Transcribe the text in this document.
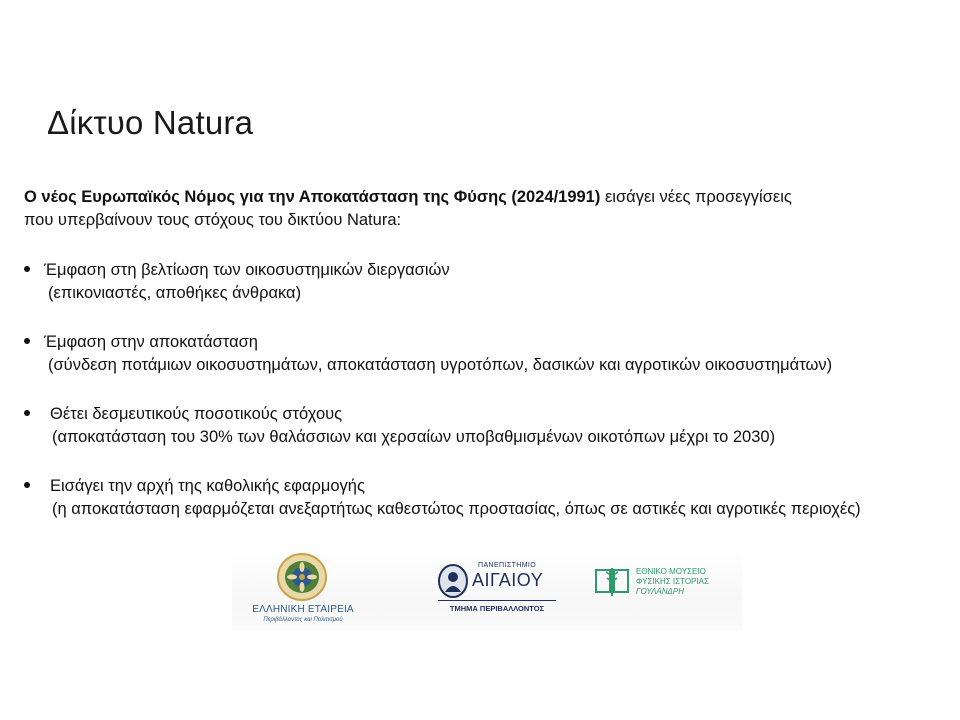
Δίκτυο Natura
Ο νέος Ευρωπαϊκός Νόμος για την Αποκατάσταση της Φύσης (2024/1991) εισάγει νέες προσεγγίσεις
που υπερβαίνουν τους στόχους του δικτύου Natura:
Έμφαση στη βελτίωση των οικοσυστημικών διεργασιών
(επικονιαστές, αποθήκες άνθρακα)
Έμφαση στην αποκατάσταση
(σύνδεση ποτάμιων οικοσυστημάτων, αποκατάσταση υγροτόπων, δασικών και αγροτικών οικοσυστημάτων)
Θέτει δεσμευτικούς ποσοτικούς στόχους
(αποκατάσταση του 30% των θαλάσσιων και χερσαίων υποβαθμισμένων οικοτόπων μέχρι το 2030)
Εισάγει την αρχή της καθολικής εφαρμογής
(η αποκατάσταση εφαρμόζεται ανεξαρτήτως καθεστώτος προστασίας, όπως σε αστικές και αγροτικές περιοχές)
ΕΛΛΗΝΙΚΗ ΕΤΑΙΡΕΙΑ
Περιβάλλοντος και Πολιτισμού
ΠΑΝΕΠΙΣΤΗΜΙΟ
ΑΙΓΑΙΟΥ
ΤΜΗΜΑ ΠΕΡΙΒΑΛΛΟΝΤΟΣ
ΕΘΝΙΚΟ ΜΟΥΣΕΙΟ
ΦΥΣΙΚΗΣ ΙΣΤΟΡΙΑΣ
ΓΟΥΛΑΝΔΡΗ
